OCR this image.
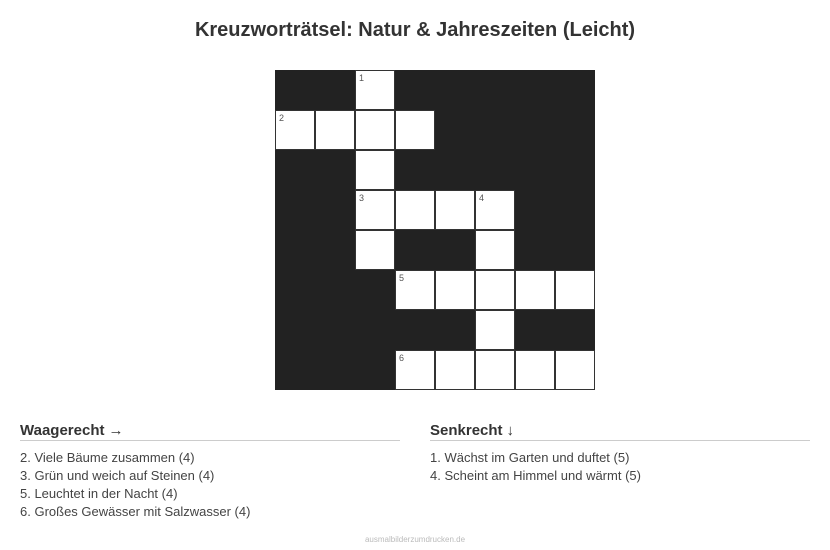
Kreuzworträtsel: Natur & Jahreszeiten (Leicht)
1
2
3	4
5
6
Waagerecht →
2. Viele Bäume zusammen (4)
3. Grün und weich auf Steinen (4)
5. Leuchtet in der Nacht (4)
6. Großes Gewässer mit Salzwasser (4)
Senkrecht ↓
1. Wächst im Garten und duftet (5)
4. Scheint am Himmel und wärmt (5)
ausmalbilderzumdrucken.de
